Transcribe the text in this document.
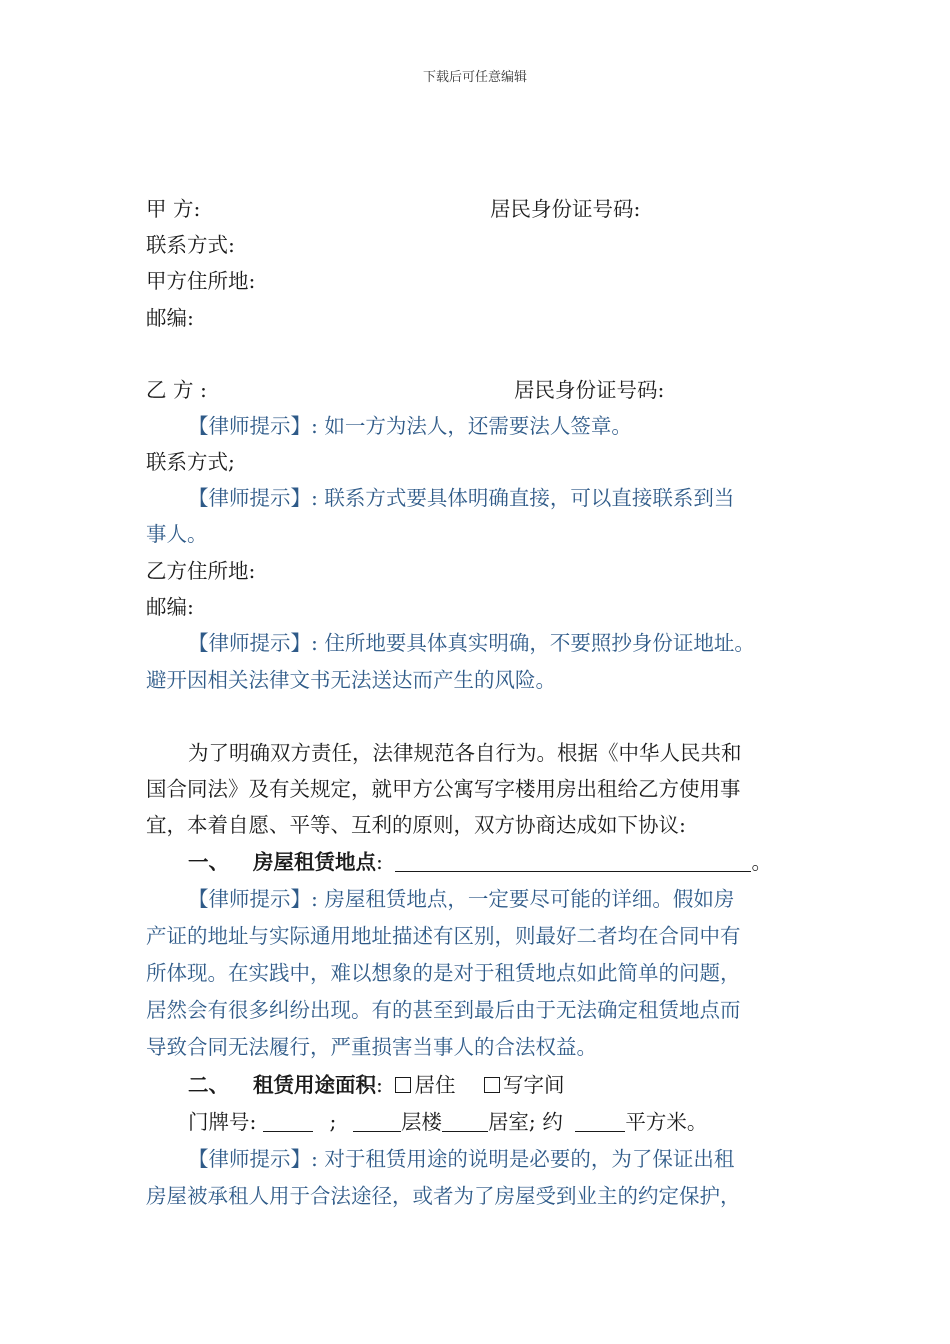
下载后可任意编辑
甲 方:	居民身份证号码:
联系方式:
甲方住所地:
邮编:
乙 方 :	居民身份证号码:
【律师提示】: 如一方为法人，还需要法人签章。
联系方式;
【律师提示】: 联系方式要具体明确直接，可以直接联系到当
事人。
乙方住所地:
邮编:
【律师提示】: 住所地要具体真实明确，不要照抄身份证地址。
避开因相关法律文书无法送达而产生的风险。
为了明确双方责任，法律规范各自行为。根据《中华人民共和
国合同法》及有关规定，就甲方公寓写字楼用房出租给乙方使用事
宜，本着自愿、平等、互利的原则，双方协商达成如下协议:
一、 房屋租赁地点:	。
【律师提示】: 房屋租赁地点，一定要尽可能的详细。假如房
产证的地址与实际通用地址描述有区别，则最好二者均在合同中有
所体现。在实践中，难以想象的是对于租赁地点如此简单的问题，
居然会有很多纠纷出现。有的甚至到最后由于无法确定租赁地点而
导致合同无法履行，严重损害当事人的合法权益。
二、 租赁用途面积: 居住 写字间
门牌号:	;	层楼 居室; 约	平方米。
【律师提示】: 对于租赁用途的说明是必要的，为了保证出租
房屋被承租人用于合法途径，或者为了房屋受到业主的约定保护，
